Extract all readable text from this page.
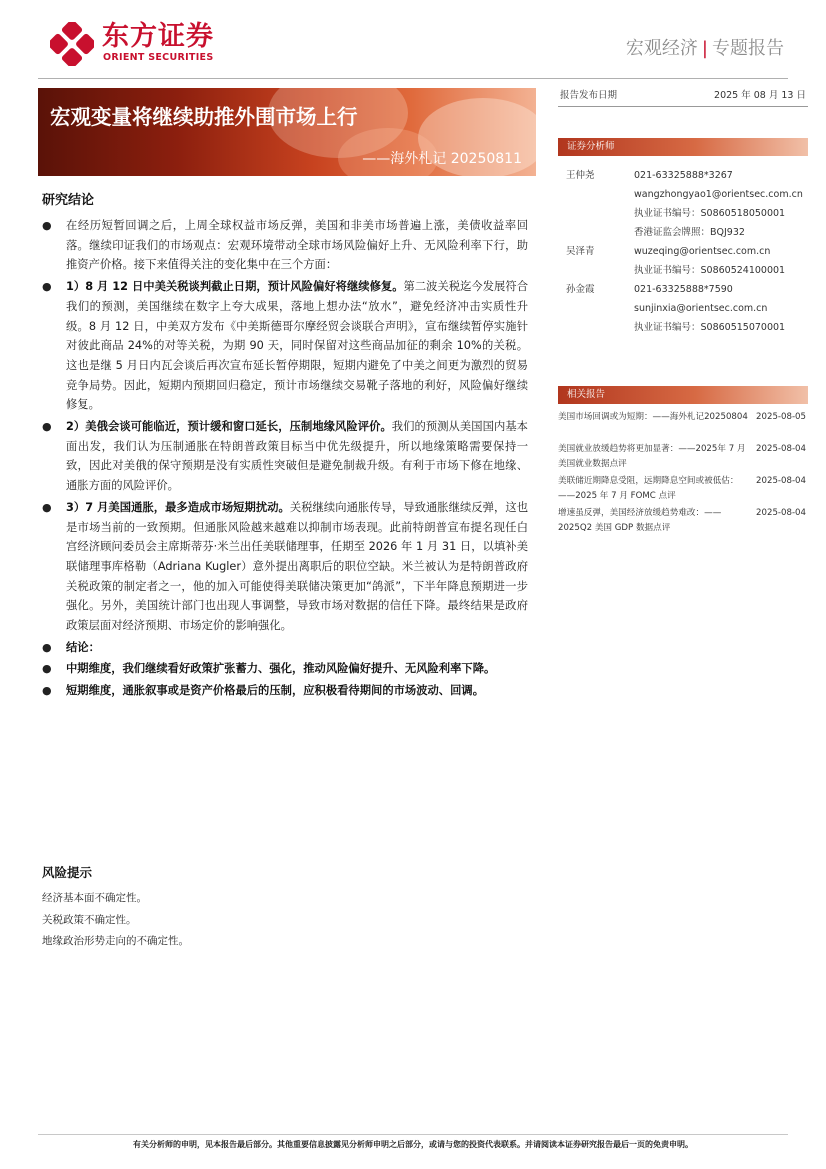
东方证券
ORIENT SECURITIES	宏观经济 | 专题报告
宏观变量将继续助推外围市场上行
——海外札记 20250811
报告发布日期	2025 年 08 月 13 日
证券分析师
王仲尧	021-63325888*3267
wangzhongyao1@orientsec.com.cn
执业证书编号：S0860518050001
香港证监会牌照：BQJ932
吴泽青	wuzeqing@orientsec.com.cn
执业证书编号：S0860524100001
孙金霞	021-63325888*7590
sunjinxia@orientsec.com.cn
执业证书编号：S0860515070001
相关报告
美国市场回调或为短期：——海外札记20250804 2025-08-05
美国就业放缓趋势将更加显著：——2025年 7 月美国就业数据点评
2025-08-04
美联储近期降息受阻，远期降息空间或被低估：——2025 年 7 月 FOMC 点评
2025-08-04
增速虽反弹，美国经济放缓趋势难改：——2025Q2 美国 GDP 数据点评
2025-08-04
研究结论
● 在经历短暂回调之后，上周全球权益市场反弹，美国和非美市场普遍上涨，美债收益率回落。继续印证我们的市场观点：宏观环境带动全球市场风险偏好上升、无风险利率下行，助推资产价格。接下来值得关注的变化集中在三个方面：
● 1）8 月 12 日中美关税谈判截止日期，预计风险偏好将继续修复。第二波关税迄今发展符合我们的预测，美国继续在数字上夸大成果，落地上想办法“放水”，避免经济冲击实质性升级。8 月 12 日，中美双方发布《中美斯德哥尔摩经贸会谈联合声明》，宣布继续暂停实施针对彼此商品 24%的对等关税，为期 90 天，同时保留对这些商品加征的剩余 10%的关税。这也是继 5 月日内瓦会谈后再次宣布延长暂停期限，短期内避免了中美之间更为激烈的贸易竞争局势。因此，短期内预期回归稳定，预计市场继续交易靴子落地的利好，风险偏好继续修复。
● 2）美俄会谈可能临近，预计缓和窗口延长，压制地缘风险评价。我们的预测从美国国内基本面出发，我们认为压制通胀在特朗普政策目标当中优先级提升，所以地缘策略需要保持一致，因此对美俄的保守预期是没有实质性突破但是避免制裁升级。有利于市场下修在地缘、通胀方面的风险评价。
● 3）7 月美国通胀，最多造成市场短期扰动。关税继续向通胀传导，导致通胀继续反弹，这也是市场当前的一致预期。但通胀风险越来越难以抑制市场表现。此前特朗普宣布提名现任白宫经济顾问委员会主席斯蒂芬·米兰出任美联储理事，任期至 2026 年 1 月 31 日，以填补美联储理事库格勒（Adriana Kugler）意外提出离职后的职位空缺。米兰被认为是特朗普政府关税政策的制定者之一，他的加入可能使得美联储决策更加“鸽派”，下半年降息预期进一步强化。另外，美国统计部门也出现人事调整，导致市场对数据的信任下降。最终结果是政府政策层面对经济预期、市场定价的影响强化。
● 结论：
● 中期维度，我们继续看好政策扩张蓄力、强化，推动风险偏好提升、无风险利率下降。
● 短期维度，通胀叙事或是资产价格最后的压制，应积极看待期间的市场波动、回调。
风险提示
经济基本面不确定性。
关税政策不确定性。
地缘政治形势走向的不确定性。
有关分析师的申明，见本报告最后部分。其他重要信息披露见分析师申明之后部分，或请与您的投资代表联系。并请阅读本证券研究报告最后一页的免责申明。
